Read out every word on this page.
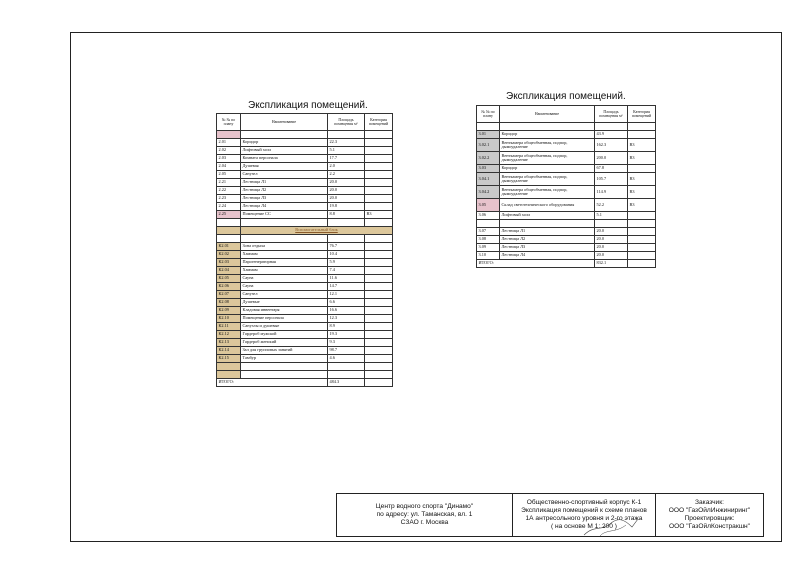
Экспликация помещений.
№ № по плану	Наименование	Площадь помещения м²	Категория помещений

2.01	Коридор	22.3	
2.02	Лифтовый холл	5.1	
2.03	Комната персонала	17.7	
2.04	Душевая	2.0	
2.05	Санузел	2.2	
2.21	Лестница Л1	20.0	
2.22	Лестница Л2	20.0	
2.23	Лестница Л3	20.0	
2.24	Лестница Л4	19.8	
2.25	Помещение СС	8.8	В3

	Вспомогательный блок		

К2.01	Зона отдыха	76.7	
К2.02	Хаммам	10.4	
К2.03	Парогенераторная	5.9	
К2.04	Хаммам	7.4	
К2.05	Сауна	11.6	
К2.06	Сауна	14.7	
К2.07	Санузел	12.1	
К2.08	Душевые	6.6	
К2.09	Кладовая инвентаря	16.6	
К2.10	Помещение персонала	12.3	
К2.11	Санузлы и душевые	8.9	
К2.12	Гардероб мужской	19.3	
К2.13	Гардероб женский	9.3	
К2.14	Зал для групповых занятий	98.7	
К2.15	Тамбур	4.6	

ИТОГО:		484.3	
Экспликация помещений.
№ № по плану	Наименование	Площадь помещения м²	Категория помещений

3.01	Коридор	43.9	
3.02.1	Венткамера общеобменная, подпор, дымоудаление	162.3	В3
3.02.2	Венткамера общеобменная, подпор, дымоудаление	200.0	В3
3.03	Коридор	67.8	
3.04.1	Венткамера общеобменная, подпор, дымоудаление	105.7	В3
3.04.2	Венткамера общеобменная, подпор, дымоудаление	114.9	В3
3.05	Склад светотехнического оборудования	52.2	В3
3.06	Лифтовый холл	5.1	

3.07	Лестница Л1	20.0	
3.08	Лестница Л2	20.0	
3.09	Лестница Л3	20.0	
3.10	Лестница Л4	20.0	
ИТОГО:		832.1	
Центр водного спорта "Динамо"
по адресу: ул. Таманская, вл. 1
СЗАО г. Москва
Общественно-спортивный корпус К-1
Экспликация помещений к схеме планов
1А антресольного уровня и 2-го этажа
( на основе М 1: 200 )
Заказчик:
ООО "ГазОйлИнжиниринг"
Проектировщик:
ООО "ГазОйлКонстракшн"
